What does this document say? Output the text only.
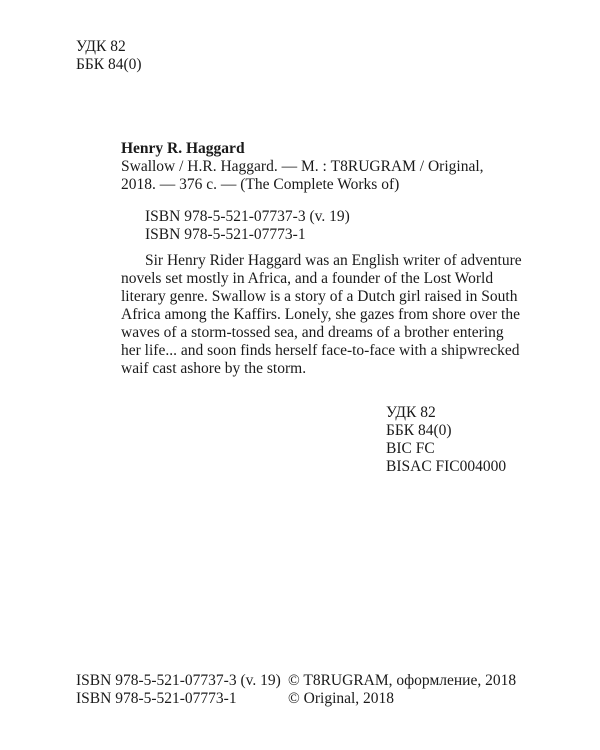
УДК 82
ББК 84(0)
Henry R. Haggard
Swallow / H.R. Haggard. — М. : T8RUGRAM / Original,
2018. — 376 с. — (The Complete Works of)
ISBN 978-5-521-07737-3 (v. 19)
ISBN 978-5-521-07773-1
Sir Henry Rider Haggard was an English writer of adventure
novels set mostly in Africa, and a founder of the Lost World
literary genre. Swallow is a story of a Dutch girl raised in South
Africa among the Kaffirs. Lonely, she gazes from shore over the
waves of a storm-tossed sea, and dreams of a brother entering
her life... and soon finds herself face-to-face with a shipwrecked
waif cast ashore by the storm.
УДК 82
ББК 84(0)
BIC FC
BISAC FIC004000
ISBN 978-5-521-07737-3 (v. 19)
ISBN 978-5-521-07773-1
© T8RUGRAM, оформление, 2018
© Original, 2018
